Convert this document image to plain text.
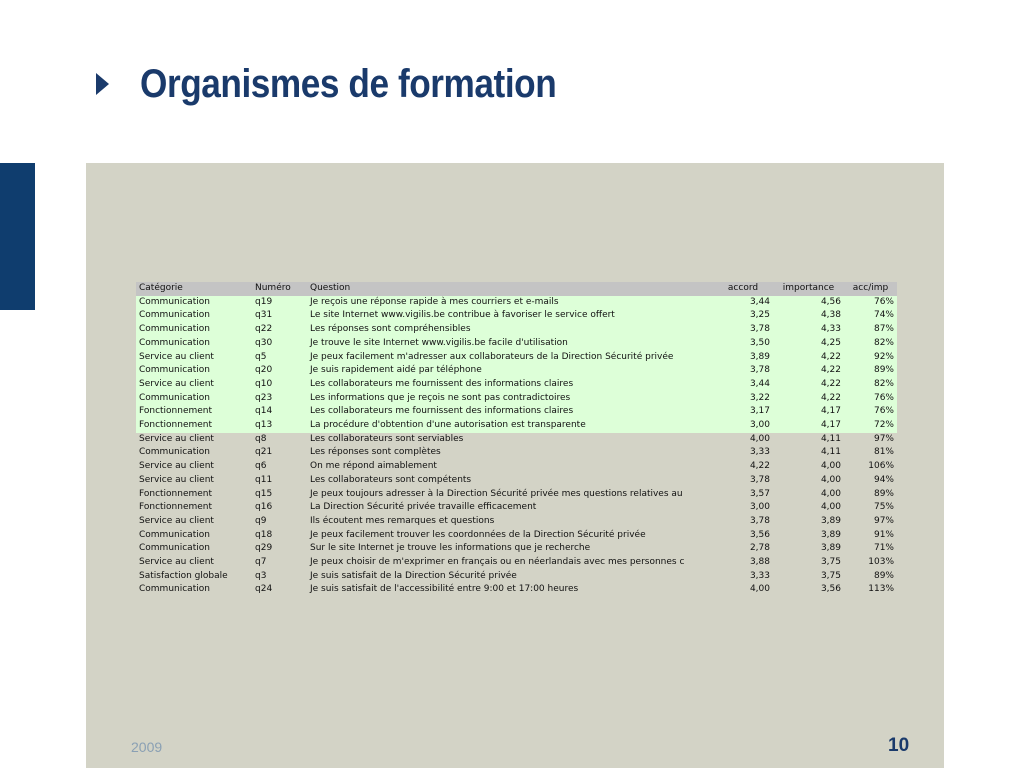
Organismes de formation
Catégorie	Numéro	Question	accord	importance	acc/imp
Communication	q19	Je reçois une réponse rapide à mes courriers et e-mails	3,44	4,56	76%
Communication	q31	Le site Internet www.vigilis.be contribue à favoriser le service offert	3,25	4,38	74%
Communication	q22	Les réponses sont compréhensibles	3,78	4,33	87%
Communication	q30	Je trouve le site Internet www.vigilis.be facile d'utilisation	3,50	4,25	82%
Service au client	q5	Je peux facilement m'adresser aux collaborateurs de la Direction Sécurité privée	3,89	4,22	92%
Communication	q20	Je suis rapidement aidé par téléphone	3,78	4,22	89%
Service au client	q10	Les collaborateurs me fournissent des informations claires	3,44	4,22	82%
Communication	q23	Les informations que je reçois ne sont pas contradictoires	3,22	4,22	76%
Fonctionnement	q14	Les collaborateurs me fournissent des informations claires	3,17	4,17	76%
Fonctionnement	q13	La procédure d'obtention d'une autorisation est transparente	3,00	4,17	72%
Service au client	q8	Les collaborateurs sont serviables	4,00	4,11	97%
Communication	q21	Les réponses sont complètes	3,33	4,11	81%
Service au client	q6	On me répond aimablement	4,22	4,00	106%
Service au client	q11	Les collaborateurs sont compétents	3,78	4,00	94%
Fonctionnement	q15	Je peux toujours adresser à la Direction Sécurité privée mes questions relatives au	3,57	4,00	89%
Fonctionnement	q16	La Direction Sécurité privée travaille efficacement	3,00	4,00	75%
Service au client	q9	Ils écoutent mes remarques et questions	3,78	3,89	97%
Communication	q18	Je peux facilement trouver les coordonnées de la Direction Sécurité privée	3,56	3,89	91%
Communication	q29	Sur le site Internet je trouve les informations que je recherche	2,78	3,89	71%
Service au client	q7	Je peux choisir de m'exprimer en français ou en néerlandais avec mes personnes c	3,88	3,75	103%
Satisfaction globale	q3	Je suis satisfait de la Direction Sécurité privée	3,33	3,75	89%
Communication	q24	Je suis satisfait de l'accessibilité entre 9:00 et 17:00 heures	4,00	3,56	113%
2009	10
